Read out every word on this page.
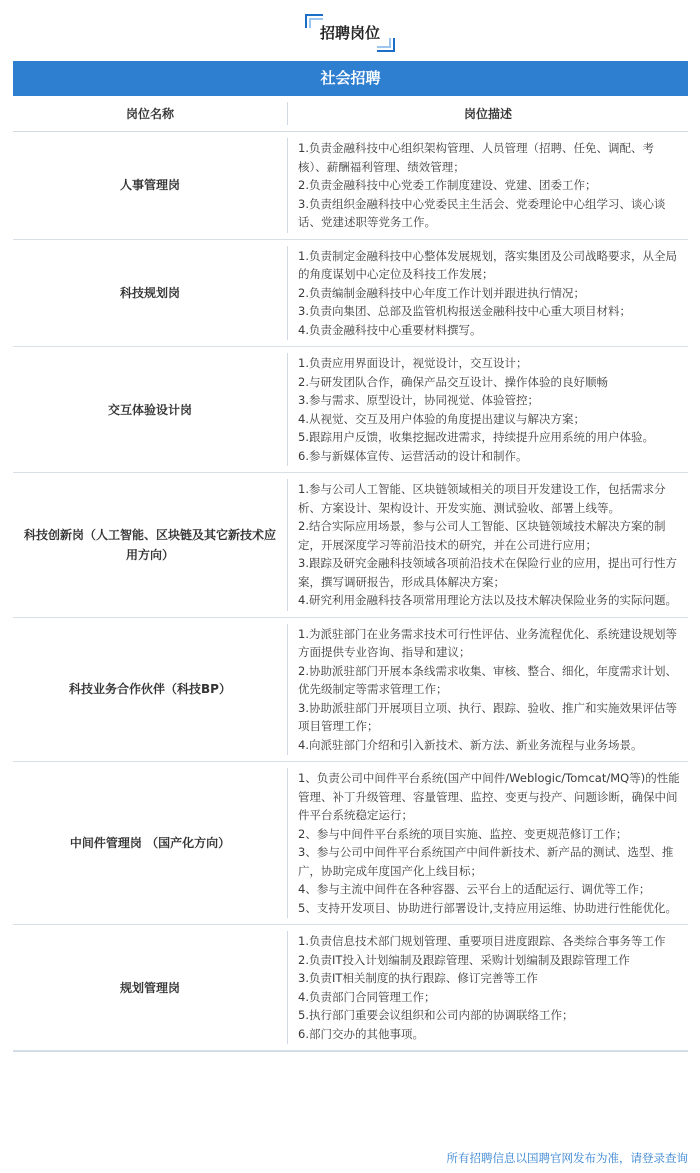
招聘岗位
社会招聘
岗位名称	岗位描述
人事管理岗
1.负责金融科技中心组织架构管理、人员管理（招聘、任免、调配、考核）、薪酬福利管理、绩效管理；
2.负责金融科技中心党委工作制度建设、党建、团委工作；
3.负责组织金融科技中心党委民主生活会、党委理论中心组学习、谈心谈话、党建述职等党务工作。
科技规划岗
1.负责制定金融科技中心整体发展规划，落实集团及公司战略要求，从全局的角度谋划中心定位及科技工作发展；
2.负责编制金融科技中心年度工作计划并跟进执行情况；
3.负责向集团、总部及监管机构报送金融科技中心重大项目材料；
4.负责金融科技中心重要材料撰写。
交互体验设计岗
1.负责应用界面设计，视觉设计，交互设计；
2.与研发团队合作，确保产品交互设计、操作体验的良好顺畅
3.参与需求、原型设计，协同视觉、体验管控；
4.从视觉、交互及用户体验的角度提出建议与解决方案；
5.跟踪用户反馈，收集挖掘改进需求，持续提升应用系统的用户体验。
6.参与新媒体宣传、运营活动的设计和制作。
科技创新岗（人工智能、区块链及其它新技术应用方向）
1.参与公司人工智能、区块链领域相关的项目开发建设工作，包括需求分析、方案设计、架构设计、开发实施、测试验收、部署上线等。
2.结合实际应用场景，参与公司人工智能、区块链领域技术解决方案的制定，开展深度学习等前沿技术的研究，并在公司进行应用；
3.跟踪及研究金融科技领域各项前沿技术在保险行业的应用，提出可行性方案，撰写调研报告，形成具体解决方案；
4.研究利用金融科技各项常用理论方法以及技术解决保险业务的实际问题。
科技业务合作伙伴（科技BP）
1.为派驻部门在业务需求技术可行性评估、业务流程优化、系统建设规划等方面提供专业咨询、指导和建议；
2.协助派驻部门开展本条线需求收集、审核、整合、细化，年度需求计划、优先级制定等需求管理工作；
3.协助派驻部门开展项目立项、执行、跟踪、验收、推广和实施效果评估等项目管理工作；
4.向派驻部门介绍和引入新技术、新方法、新业务流程与业务场景。
中间件管理岗 （国产化方向）
1、负责公司中间件平台系统(国产中间件/Weblogic/Tomcat/MQ等)的性能管理、补丁升级管理、容量管理、监控、变更与投产、问题诊断，确保中间件平台系统稳定运行；
2、参与中间件平台系统的项目实施、监控、变更规范修订工作；
3、参与公司中间件平台系统国产中间件新技术、新产品的测试、选型、推广，协助完成年度国产化上线目标；
4、参与主流中间件在各种容器、云平台上的适配运行、调优等工作；
5、支持开发项目、协助进行部署设计,支持应用运维、协助进行性能优化。
规划管理岗
1.负责信息技术部门规划管理、重要项目进度跟踪、各类综合事务等工作
2.负责IT投入计划编制及跟踪管理、采购计划编制及跟踪管理工作
3.负责IT相关制度的执行跟踪、修订完善等工作
4.负责部门合同管理工作；
5.执行部门重要会议组织和公司内部的协调联络工作；
6.部门交办的其他事项。
所有招聘信息以国聘官网发布为准，请登录查询
